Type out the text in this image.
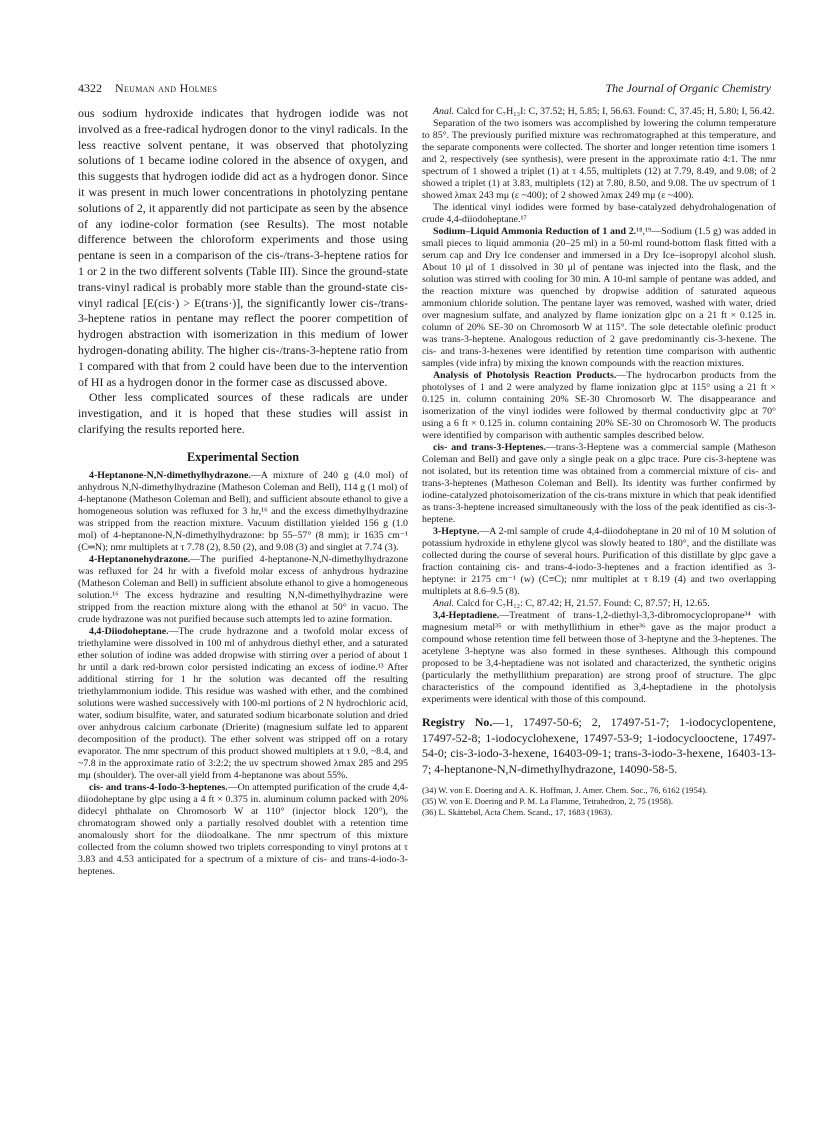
4322 Neuman and Holmes	The Journal of Organic Chemistry

ous sodium hydroxide indicates that hydrogen iodide was not involved as a free-radical hydrogen donor to the vinyl radicals. In the less reactive solvent pentane, it was observed that photolyzing solutions of 1 became iodine colored in the absence of oxygen, and this suggests that hydrogen iodide did act as a hydrogen donor. Since it was present in much lower concentrations in photolyzing pentane solutions of 2, it apparently did not participate as seen by the absence of any iodine-color formation (see Results). The most notable difference between the chloroform experiments and those using pentane is seen in a comparison of the cis-/trans-3-heptene ratios for 1 or 2 in the two different solvents (Table III). Since the ground-state trans-vinyl radical is probably more stable than the ground-state cis-vinyl radical [E(cis·) > E(trans·)], the significantly lower cis-/trans-3-heptene ratios in pentane may reflect the poorer competition of hydrogen abstraction with isomerization in this medium of lower hydrogen-donating ability. The higher cis-/trans-3-heptene ratio from 1 compared with that from 2 could have been due to the intervention of HI as a hydrogen donor in the former case as discussed above.

Other less complicated sources of these radicals are under investigation, and it is hoped that these studies will assist in clarifying the results reported here.

Experimental Section

4-Heptanone-N,N-dimethylhydrazone.—A mixture of 240 g (4.0 mol) of anhydrous N,N-dimethylhydrazine (Matheson Coleman and Bell), 114 g (1 mol) of 4-heptanone (Matheson Coleman and Bell), and sufficient absoute ethanol to give a homogeneous solution was refluxed for 3 hr,¹⁶ and the excess dimethylhydrazine was stripped from the reaction mixture. Vacuum distillation yielded 156 g (1.0 mol) of 4-heptanone-N,N-dimethylhydrazone: bp 55–57° (8 mm); ir 1635 cm⁻¹ (C═N); nmr multiplets at τ 7.78 (2), 8.50 (2), and 9.08 (3) and singlet at 7.74 (3).

4-Heptanonehydrazone.—The purified 4-heptanone-N,N-dimethylhydrazone was refluxed for 24 hr with a fivefold molar excess of anhydrous hydrazine (Matheson Coleman and Bell) in sufficient absolute ethanol to give a homogeneous solution.¹⁶ The excess hydrazine and resulting N,N-dimethylhydrazine were stripped from the reaction mixture along with the ethanol at 50° in vacuo. The crude hydrazone was not purified because such attempts led to azine formation.

4,4-Diiodoheptane.—The crude hydrazone and a twofold molar excess of triethylamine were dissolved in 100 ml of anhydrous diethyl ether, and a saturated ether solution of iodine was added dropwise with stirring over a period of about 1 hr until a dark red-brown color persisted indicating an excess of iodine.¹³ After additional stirring for 1 hr the solution was decanted off the resulting triethylammonium iodide. This residue was washed with ether, and the combined solutions were washed successively with 100-ml portions of 2 N hydrochloric acid, water, sodium bisulfite, water, and saturated sodium bicarbonate solution and dried over anhydrous calcium carbonate (Drierite) (magnesium sulfate led to apparent decomposition of the product). The ether solvent was stripped off on a rotary evaporator. The nmr spectrum of this product showed multiplets at τ 9.0, ~8.4, and ~7.8 in the approximate ratio of 3:2:2; the uv spectrum showed λmax 285 and 295 mμ (shoulder). The over-all yield from 4-heptanone was about 55%.

cis- and trans-4-Iodo-3-heptenes.—On attempted purification of the crude 4,4-diiodoheptane by glpc using a 4 ft × 0.375 in. aluminum column packed with 20% didecyl phthalate on Chromosorb W at 110° (injector block 120°), the chromatogram showed only a partially resolved doublet with a retention time anomalously short for the diiodoalkane. The nmr spectrum of this mixture collected from the column showed two triplets corresponding to vinyl protons at τ 3.83 and 4.53 anticipated for a spectrum of a mixture of cis- and trans-4-iodo-3-heptenes.

Anal. Calcd for C₇H₁₃I: C, 37.52; H, 5.85; I, 56.63. Found: C, 37.45; H, 5.80; I, 56.42.

Separation of the two isomers was accomplished by lowering the column temperature to 85°. The previously purified mixture was rechromatographed at this temperature, and the separate components were collected. The shorter and longer retention time isomers 1 and 2, respectively (see synthesis), were present in the approximate ratio 4:1. The nmr spectrum of 1 showed a triplet (1) at τ 4.55, multiplets (12) at 7.79, 8.49, and 9.08; of 2 showed a triplet (1) at 3.83, multiplets (12) at 7.80, 8.50, and 9.08. The uv spectrum of 1 showed λmax 243 mμ (ε ~400); of 2 showed λmax 249 mμ (ε ~400).

The identical vinyl iodides were formed by base-catalyzed dehydrohalogenation of crude 4,4-diiodoheptane.¹⁷

Sodium–Liquid Ammonia Reduction of 1 and 2.¹⁸,¹⁹—Sodium (1.5 g) was added in small pieces to liquid ammonia (20–25 ml) in a 50-ml round-bottom flask fitted with a serum cap and Dry Ice condenser and immersed in a Dry Ice–isopropyl alcohol slush. About 10 μl of 1 dissolved in 30 μl of pentane was injected into the flask, and the solution was stirred with cooling for 30 min. A 10-ml sample of pentane was added, and the reaction mixture was quenched by dropwise addition of saturated aqueous ammonium chloride solution. The pentane layer was removed, washed with water, dried over magnesium sulfate, and analyzed by flame ionization glpc on a 21 ft × 0.125 in. column of 20% SE-30 on Chromosorb W at 115°. The sole detectable olefinic product was trans-3-heptene. Analogous reduction of 2 gave predominantly cis-3-hexene. The cis- and trans-3-hexenes were identified by retention time comparison with authentic samples (vide infra) by mixing the known compounds with the reaction mixtures.

Analysis of Photolysis Reaction Products.—The hydrocarbon products from the photolyses of 1 and 2 were analyzed by flame ionization glpc at 115° using a 21 ft × 0.125 in. column containing 20% SE-30 Chromosorb W. The disappearance and isomerization of the vinyl iodides were followed by thermal conductivity glpc at 70° using a 6 ft × 0.125 in. column containing 20% SE-30 on Chromosorb W. The products were identified by comparison with authentic samples described below.

cis- and trans-3-Heptenes.—trans-3-Heptene was a commercial sample (Matheson Coleman and Bell) and gave only a single peak on a glpc trace. Pure cis-3-heptene was not isolated, but its retention time was obtained from a commercial mixture of cis- and trans-3-heptenes (Matheson Coleman and Bell). Its identity was further confirmed by iodine-catalyzed photoisomerization of the cis-trans mixture in which that peak identified as trans-3-heptene increased simultaneously with the loss of the peak identified as cis-3-heptene.

3-Heptyne.—A 2-ml sample of crude 4,4-diiodoheptane in 20 ml of 10 M solution of potassium hydroxide in ethylene glycol was slowly heated to 180°, and the distillate was collected during the course of several hours. Purification of this distillate by glpc gave a fraction containing cis- and trans-4-iodo-3-heptenes and a fraction identified as 3-heptyne: ir 2175 cm⁻¹ (w) (C≡C); nmr multiplet at τ 8.19 (4) and two overlapping multiplets at 8.6–9.5 (8).

Anal. Calcd for C₇H₁₂: C, 87.42; H, 21.57. Found: C, 87.57; H, 12.65.

3,4-Heptadiene.—Treatment of trans-1,2-diethyl-3,3-dibromocyclopropane³⁴ with magnesium metal³⁵ or with methyllithium in ether³⁶ gave as the major product a compound whose retention time fell between those of 3-heptyne and the 3-heptenes. The acetylene 3-heptyne was also formed in these syntheses. Although this compound proposed to be 3,4-heptadiene was not isolated and characterized, the synthetic origins (particularly the methyllithium preparation) are strong proof of structure. The glpc characteristics of the compound identified as 3,4-heptadiene in the photolysis experiments were identical with those of this compound.

Registry No.—1, 17497-50-6; 2, 17497-51-7; 1-iodocyclopentene, 17497-52-8; 1-iodocyclohexene, 17497-53-9; 1-iodocyclooctene, 17497-54-0; cis-3-iodo-3-hexene, 16403-09-1; trans-3-iodo-3-hexene, 16403-13-7; 4-heptanone-N,N-dimethylhydrazone, 14090-58-5.

(34) W. von E. Doering and A. K. Hoffman, J. Amer. Chem. Soc., 76, 6162 (1954).

(35) W. von E. Doering and P. M. La Flamme, Tetrahedron, 2, 75 (1958).

(36) L. Skättebøl, Acta Chem. Scand., 17, 1683 (1963).
